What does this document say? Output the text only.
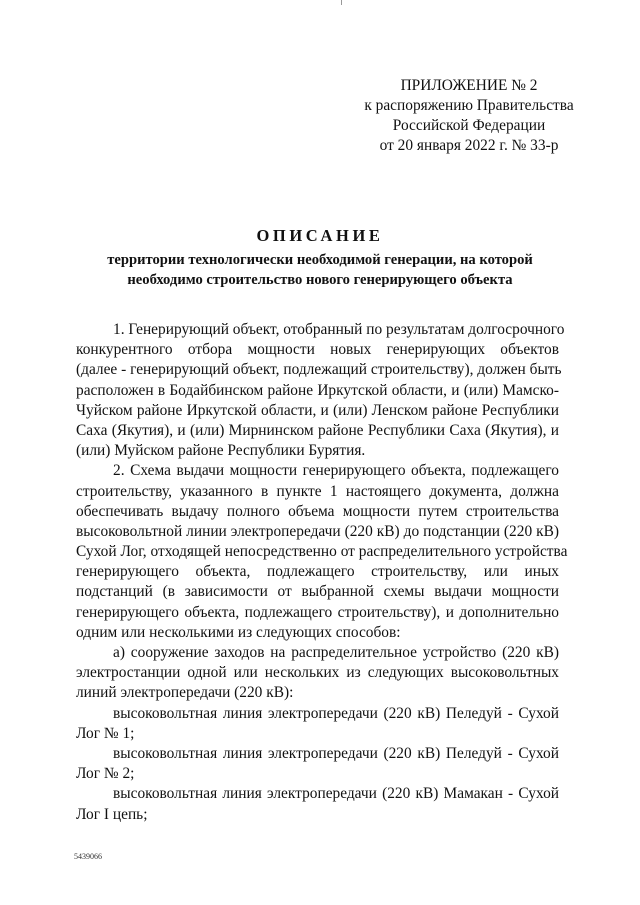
ПРИЛОЖЕНИЕ № 2
к распоряжению Правительства
Российской Федерации
от 20 января 2022 г. № 33-р
ОПИСАНИЕ
территории технологически необходимой генерации, на которой
необходимо строительство нового генерирующего объекта
1. Генерирующий объект, отобранный по результатам долгосрочного
конкурентного отбора мощности новых генерирующих объектов
(далее - генерирующий объект, подлежащий строительству), должен быть
расположен в Бодайбинском районе Иркутской области, и (или) Мамско-
Чуйском районе Иркутской области, и (или) Ленском районе Республики
Саха (Якутия), и (или) Мирнинском районе Республики Саха (Якутия), и
(или) Муйском районе Республики Бурятия.
2. Схема выдачи мощности генерирующего объекта, подлежащего
строительству, указанного в пункте 1 настоящего документа, должна
обеспечивать выдачу полного объема мощности путем строительства
высоковольтной линии электропередачи (220 кВ) до подстанции (220 кВ)
Сухой Лог, отходящей непосредственно от распределительного устройства
генерирующего объекта, подлежащего строительству, или иных
подстанций (в зависимости от выбранной схемы выдачи мощности
генерирующего объекта, подлежащего строительству), и дополнительно
одним или несколькими из следующих способов:
а) сооружение заходов на распределительное устройство (220 кВ)
электростанции одной или нескольких из следующих высоковольтных
линий электропередачи (220 кВ):
высоковольтная линия электропередачи (220 кВ) Пеледуй - Сухой
Лог № 1;
высоковольтная линия электропередачи (220 кВ) Пеледуй - Сухой
Лог № 2;
высоковольтная линия электропередачи (220 кВ) Мамакан - Сухой
Лог I цепь;
5439066
